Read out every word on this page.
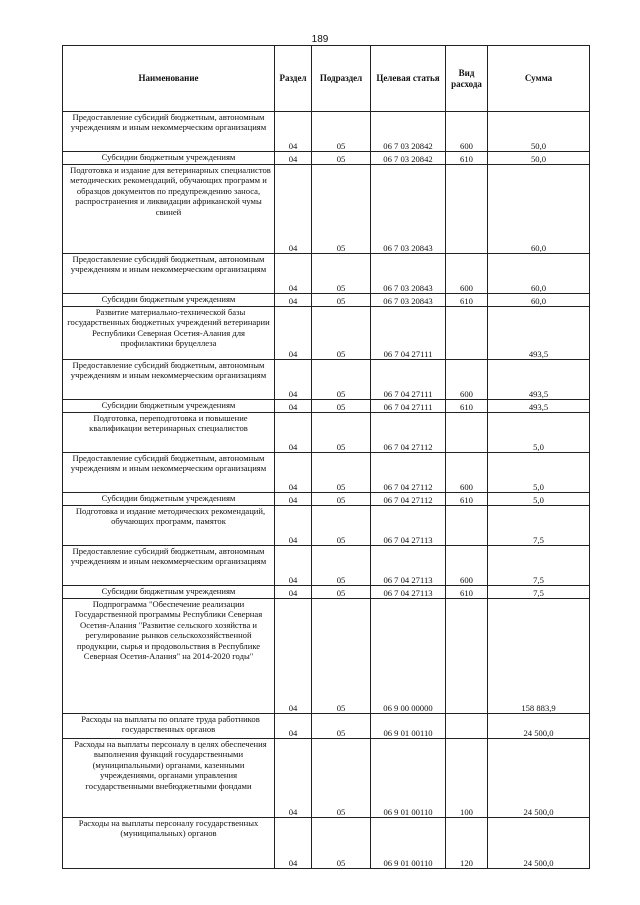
189
Наименование	Раздел	Подраздел	Целевая статья	Вид расхода	Сумма
Предоставление субсидий бюджетным, автономным учреждениям и иным некоммерческим организациям	04	05	06 7 03 20842	600	50,0
Субсидии бюджетным учреждениям	04	05	06 7 03 20842	610	50,0
Подготовка и издание для ветеринарных специалистов методических рекомендаций, обучающих программ и образцов документов по предупреждению заноса, распространения и ликвидации африканской чумы свиней	04	05	06 7 03 20843		60,0
Предоставление субсидий бюджетным, автономным учреждениям и иным некоммерческим организациям	04	05	06 7 03 20843	600	60,0
Субсидии бюджетным учреждениям	04	05	06 7 03 20843	610	60,0
Развитие материально-технической базы государственных бюджетных учреждений ветеринарии Республики Северная Осетия-Алания для профилактики бруцеллеза	04	05	06 7 04 27111		493,5
Предоставление субсидий бюджетным, автономным учреждениям и иным некоммерческим организациям	04	05	06 7 04 27111	600	493,5
Субсидии бюджетным учреждениям	04	05	06 7 04 27111	610	493,5
Подготовка, переподготовка и повышение квалификации ветеринарных специалистов	04	05	06 7 04 27112		5,0
Предоставление субсидий бюджетным, автономным учреждениям и иным некоммерческим организациям	04	05	06 7 04 27112	600	5,0
Субсидии бюджетным учреждениям	04	05	06 7 04 27112	610	5,0
Подготовка и издание методических рекомендаций, обучающих программ, памяток	04	05	06 7 04 27113		7,5
Предоставление субсидий бюджетным, автономным учреждениям и иным некоммерческим организациям	04	05	06 7 04 27113	600	7,5
Субсидии бюджетным учреждениям	04	05	06 7 04 27113	610	7,5
Подпрограмма "Обеспечение реализации Государственной программы Республики Северная Осетия-Алания "Развитие сельского хозяйства и регулирование рынков сельскохозяйственной продукции, сырья и продовольствия в Республике Северная Осетия-Алания" на 2014-2020 годы"	04	05	06 9 00 00000		158 883,9
Расходы на выплаты по оплате труда работников государственных органов	04	05	06 9 01 00110		24 500,0
Расходы на выплаты персоналу в целях обеспечения выполнения функций государственными (муниципальными) органами, казенными учреждениями, органами управления государственными внебюджетными фондами	04	05	06 9 01 00110	100	24 500,0
Расходы на выплаты персоналу государственных (муниципальных) органов	04	05	06 9 01 00110	120	24 500,0
